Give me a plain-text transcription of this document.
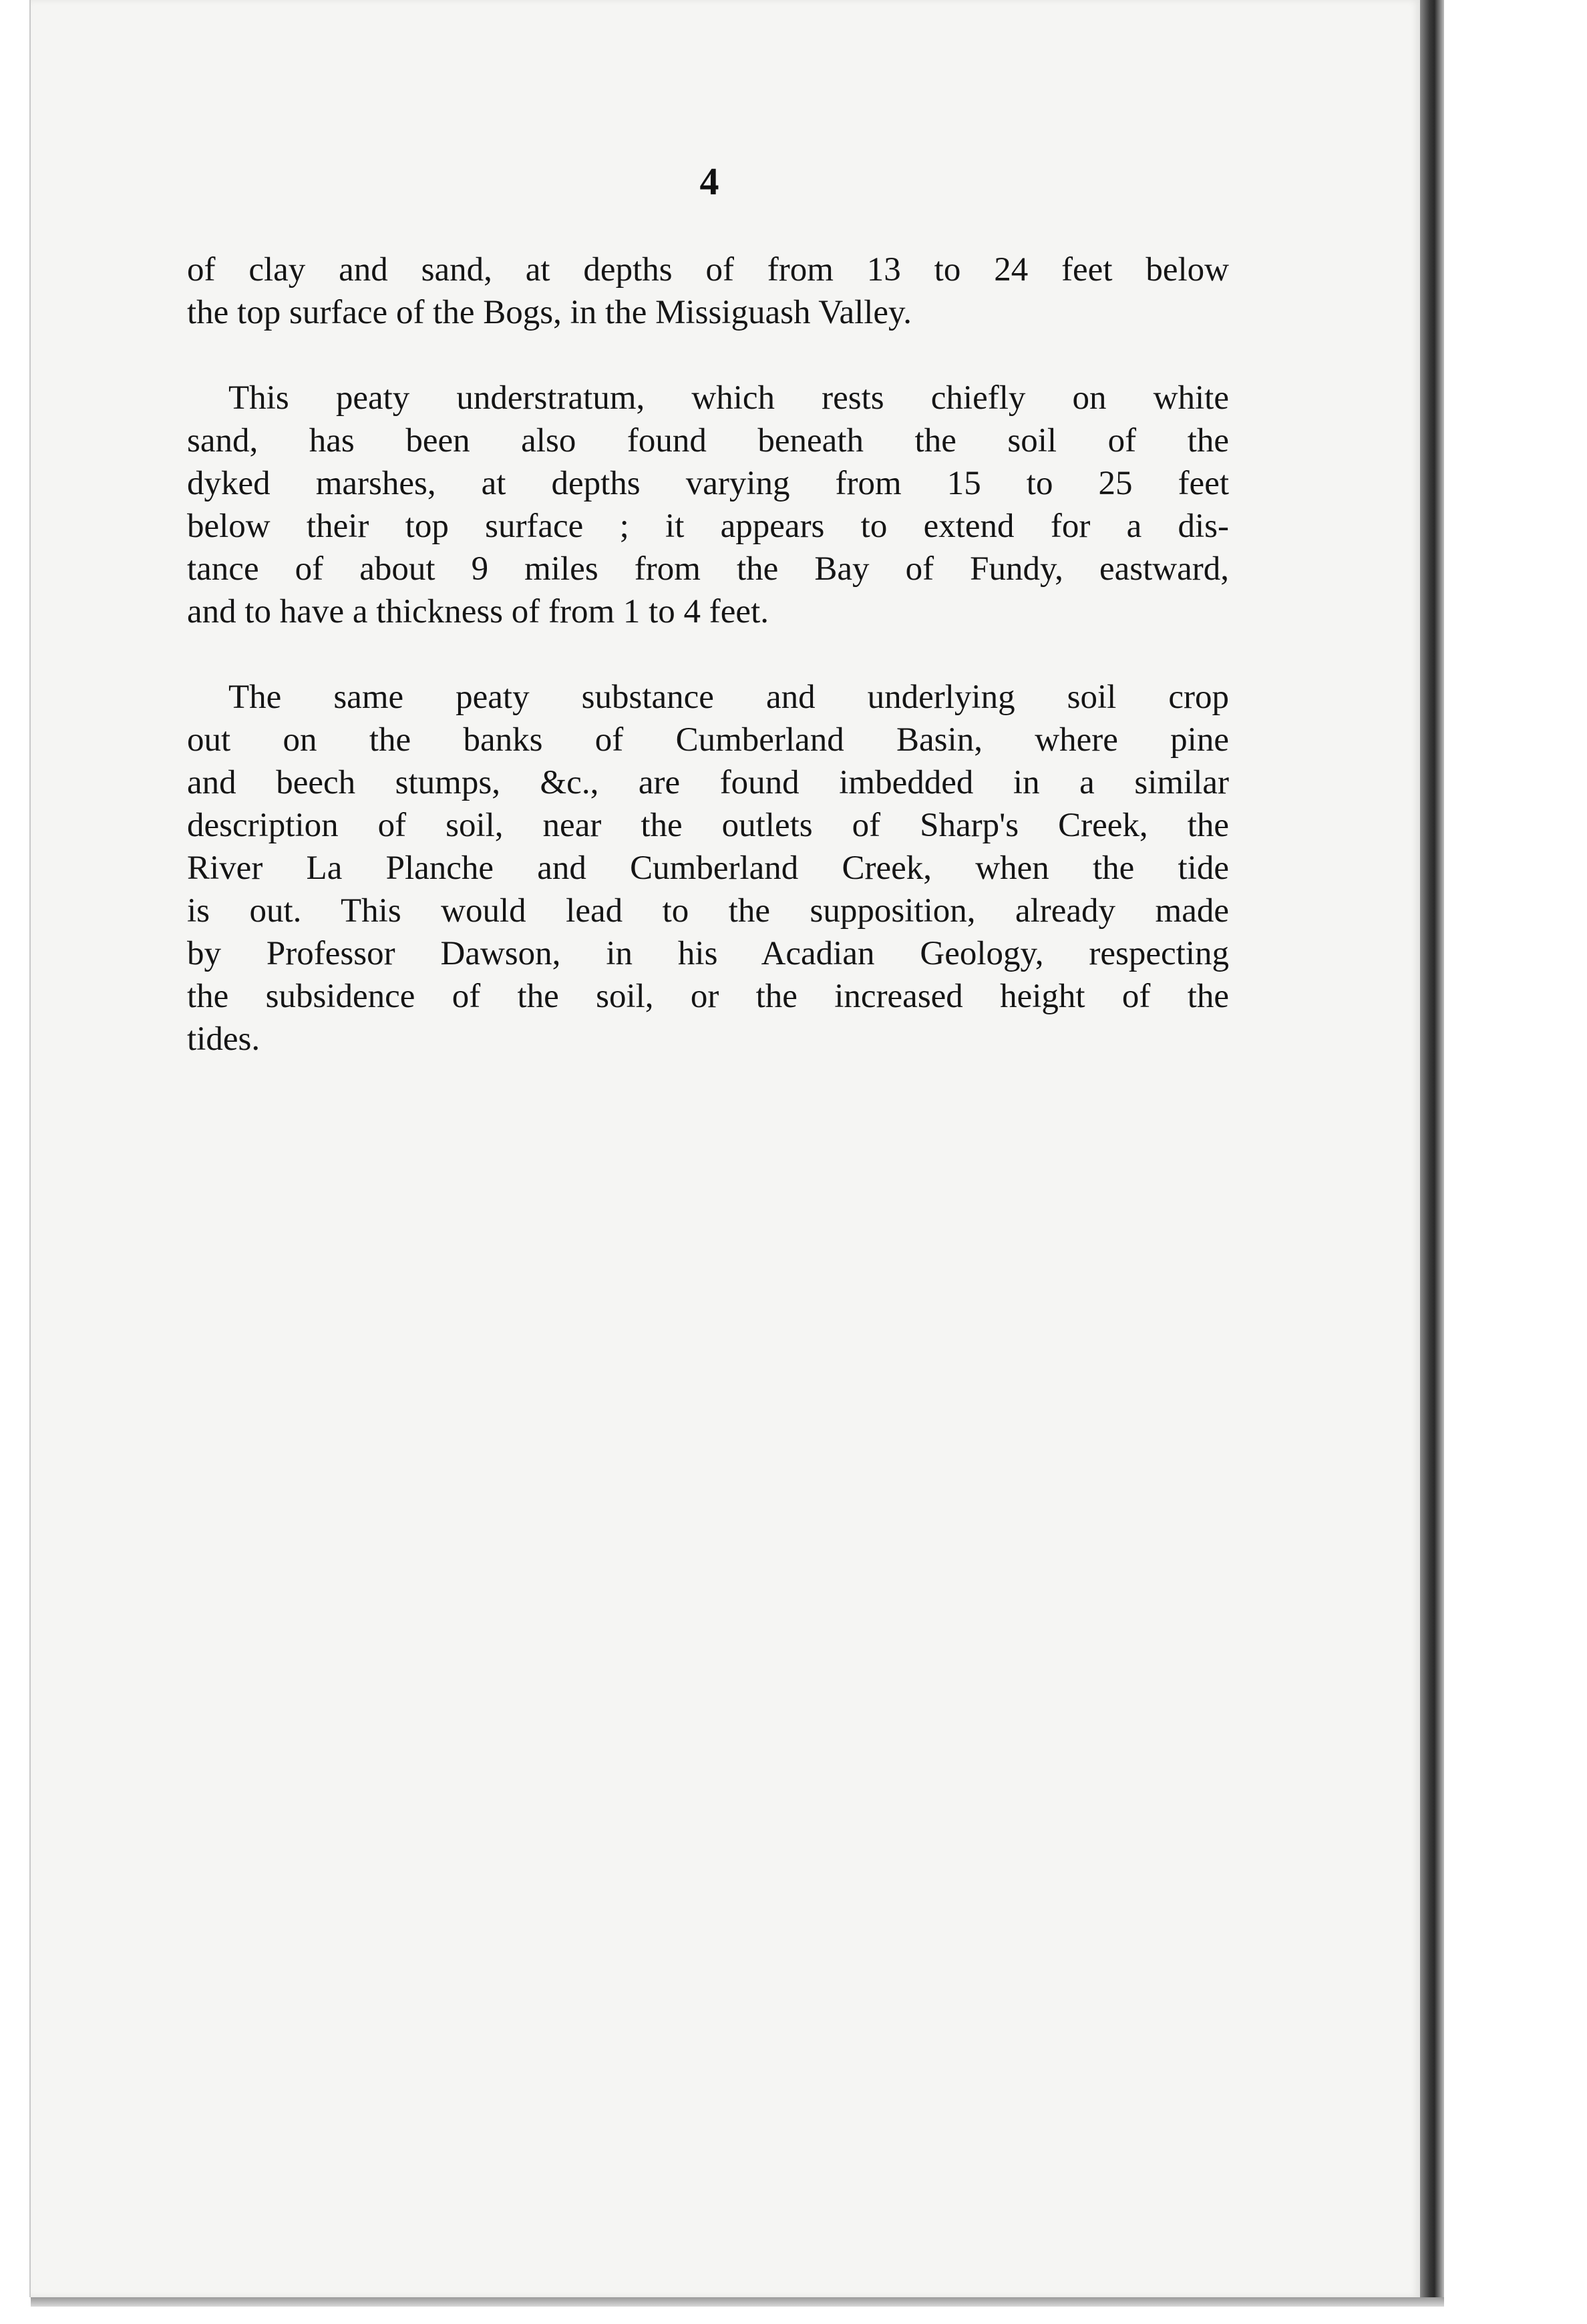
4

of clay and sand, at depths of from 13 to 24 feet below
the top surface of the Bogs, in the Missiguash Valley.

This peaty understratum, which rests chiefly on white
sand, has been also found beneath the soil of the
dyked marshes, at depths varying from 15 to 25 feet
below their top surface ; it appears to extend for a dis-
tance of about 9 miles from the Bay of Fundy, eastward,
and to have a thickness of from 1 to 4 feet.

The same peaty substance and underlying soil crop
out on the banks of Cumberland Basin, where pine
and beech stumps, &c., are found imbedded in a similar
description of soil, near the outlets of Sharp's Creek, the
River La Planche and Cumberland Creek, when the tide
is out. This would lead to the supposition, already made
by Professor Dawson, in his Acadian Geology, respecting
the subsidence of the soil, or the increased height of the
tides.
